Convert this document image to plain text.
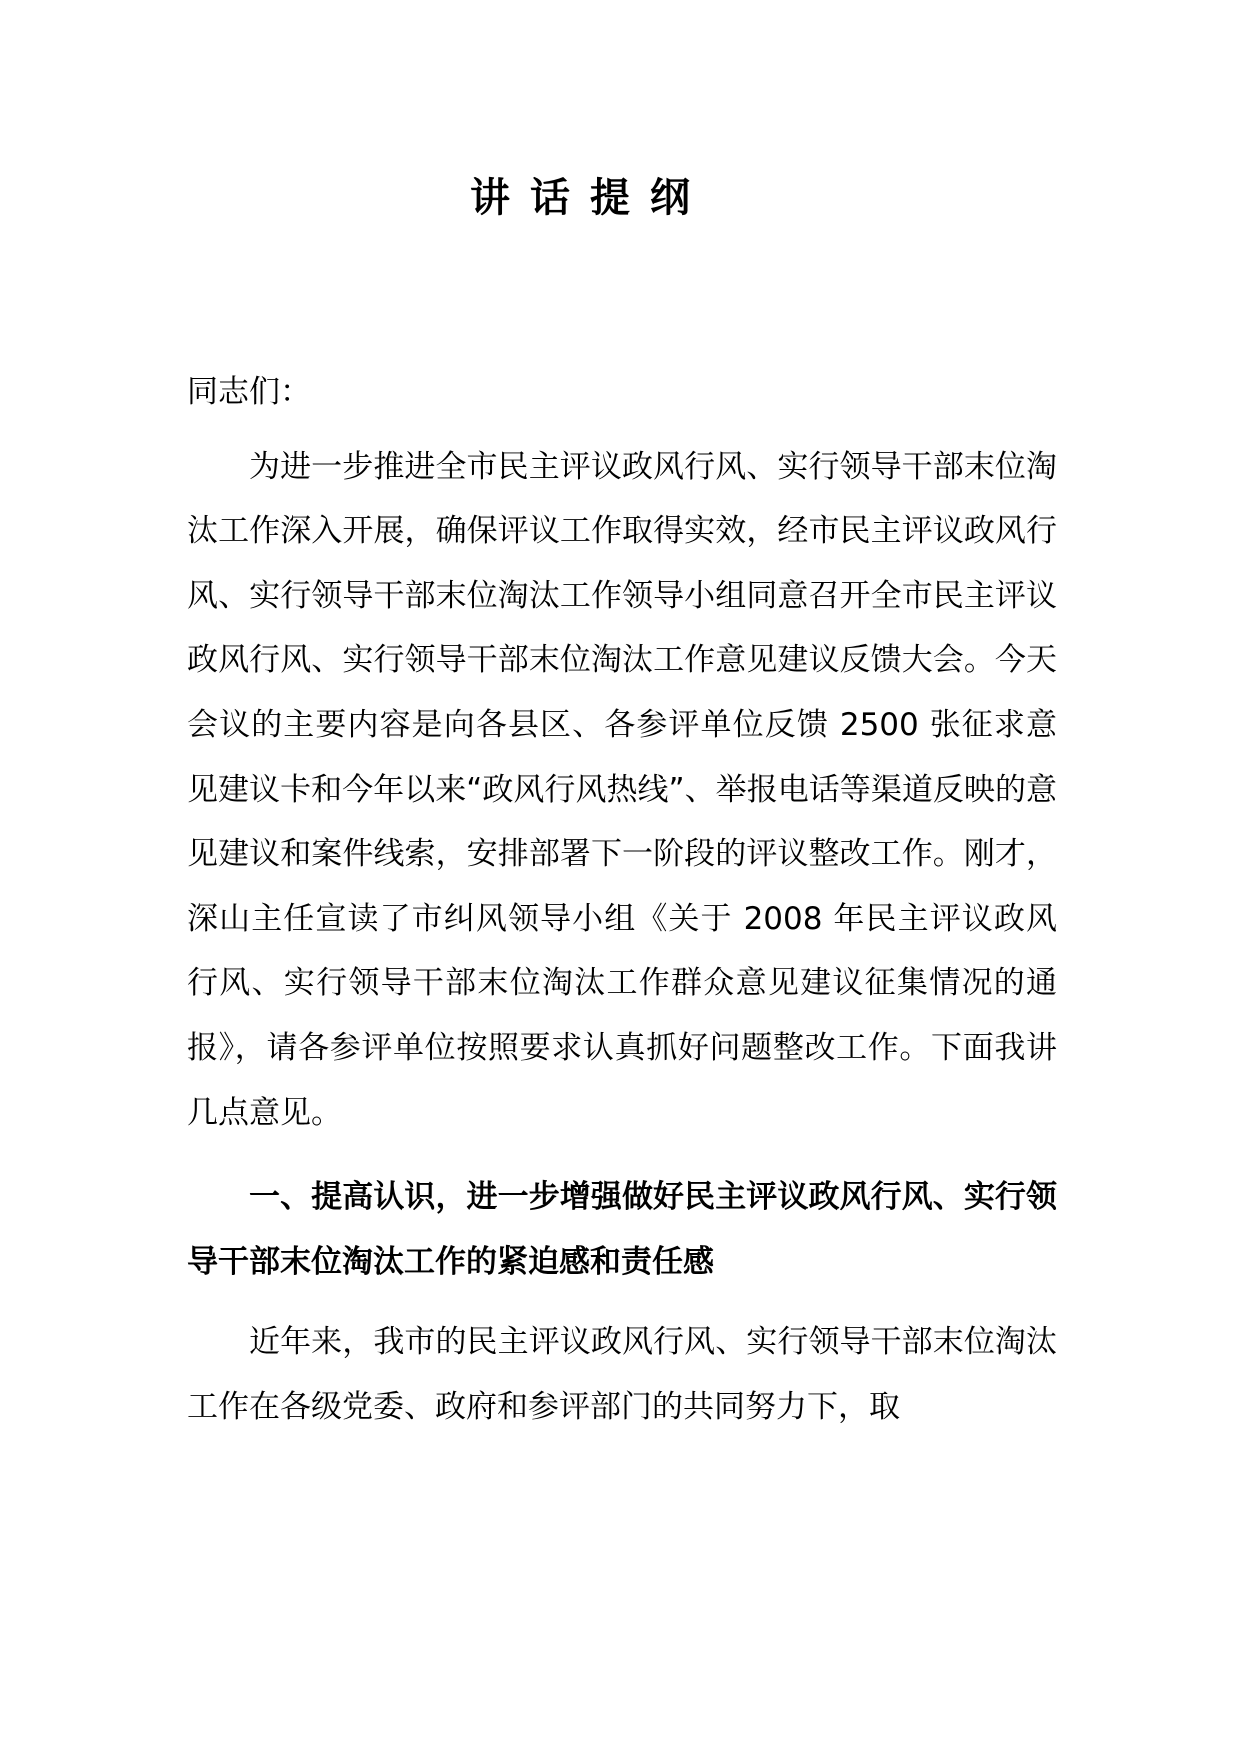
讲话提纲

同志们：

为进一步推进全市民主评议政风行风、实行领导干部末位淘汰工作深入开展，确保评议工作取得实效，经市民主评议政风行风、实行领导干部末位淘汰工作领导小组同意召开全市民主评议政风行风、实行领导干部末位淘汰工作意见建议反馈大会。今天会议的主要内容是向各县区、各参评单位反馈 2500 张征求意见建议卡和今年以来“政风行风热线”、举报电话等渠道反映的意见建议和案件线索，安排部署下一阶段的评议整改工作。刚才，深山主任宣读了市纠风领导小组《关于 2008 年民主评议政风行风、实行领导干部末位淘汰工作群众意见建议征集情况的通报》，请各参评单位按照要求认真抓好问题整改工作。下面我讲几点意见。

一、提高认识，进一步增强做好民主评议政风行风、实行领导干部末位淘汰工作的紧迫感和责任感

近年来，我市的民主评议政风行风、实行领导干部末位淘汰工作在各级党委、政府和参评部门的共同努力下，取
